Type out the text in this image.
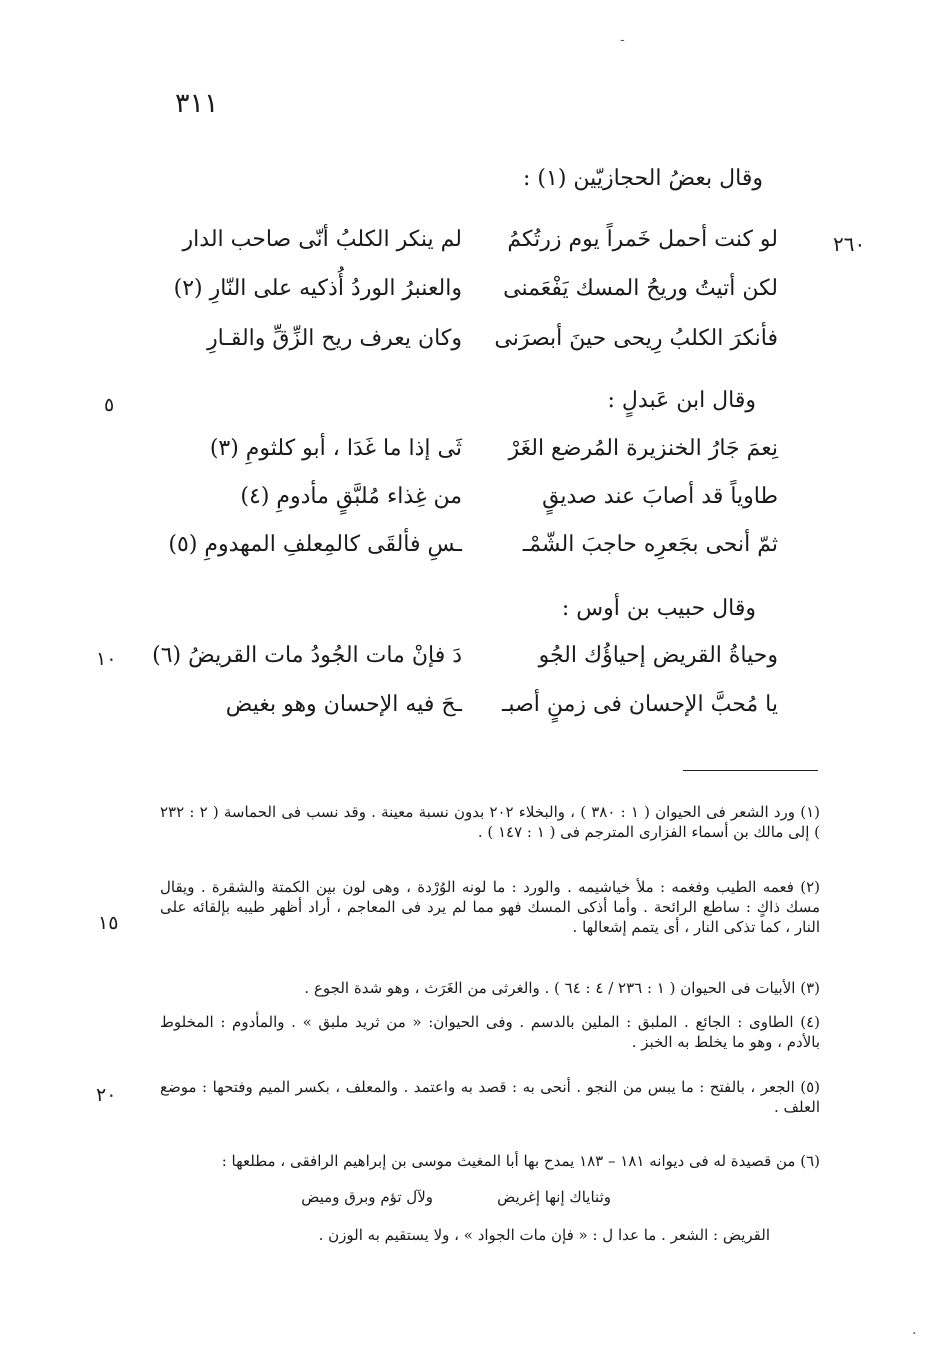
٣١١
-
وقال بعضُ الحجازيّين (١) :
٢٦٠
لو كنت أحمل خَمراً يوم زرتُكمُ
لم ينكر الكلبُ أنّى صاحب الدار
لكن أتيتُ وريحُ المسك يَفْعَمنى
والعنبرُ الوردُ أُذكيه على النّارِ (٢)
فأنكرَ الكلبُ رِيحى حينَ أبصرَنى
وكان يعرف ريح الزِّقِّ والقـارِ
٥	وقال ابن عَبدلٍ :
نِعمَ جَارُ الخنزيرة المُرضع الغَرْ
ثَى إذا ما غَدَا ، أبو كلثومِ (٣)
طاوياً قد أصابَ عند صديقٍ
من غِذاء مُلبَّقٍ مأدومِ (٤)
ثمّ أنحى بجَعرِه حاجبَ الشّمْـ
ـسِ فألقَى كالمِعلفِ المهدومِ (٥)
وقال حبيب بن أوس :
١٠	وحياةُ القريض إحياؤُك الجُو
دَ فإنْ مات الجُودُ مات القريضُ (٦)
يا مُحبَّ الإحسان فى زمنٍ أصبـ
ـحَ فيه الإحسان وهو بغيض
(١) ورد الشعر فى الحيوان ( ١ : ٣٨٠ ) ، والبخلاء ٢٠٢ بدون نسبة معينة . وقد نسب فى الحماسة ( ٢ : ٢٣٢ ) إلى مالك بن أسماء الفزارى المترجم فى ( ١ : ١٤٧ ) .
(٢) فعمه الطيب وفغمه : ملأ خياشيمه . والورد : ما لونه الوُرْدة ، وهى لون بين الكمتة والشقرة . ويقال مسك ذاكٍ : ساطع الرائحة . وأما أذكى المسك فهو مما لم يرد فى المعاجم ، أراد أظهر طيبه بإلقائه على النار ، كما تذكى النار ، أى يتمم إشعالها .
١٥
(٣) الأبيات فى الحيوان ( ١ : ٢٣٦ / ٤ : ٦٤ ) . والغرثى من الغَرَث ، وهو شدة الجوع .
(٤) الطاوى : الجائع . الملبق : الملين بالدسم . وفى الحيوان: « من ثريد ملبق » . والمأدوم : المخلوط بالأدم ، وهو ما يخلط به الخبز .
(٥) الجعر ، بالفتح : ما يبس من النجو . أنحى به : قصد به واعتمد . والمعلف ، بكسر الميم وفتحها : موضع العلف .
٢٠
(٦) من قصيدة له فى ديوانه ١٨١ – ١٨٣ يمدح بها أبا المغيث موسى بن إبراهيم الرافقى ، مطلعها :
وثناياك إنها إغريض
ولآل تؤم وبرق وميض
القريض : الشعر . ما عدا ل : « فإن مات الجواد » ، ولا يستقيم به الوزن .
.
